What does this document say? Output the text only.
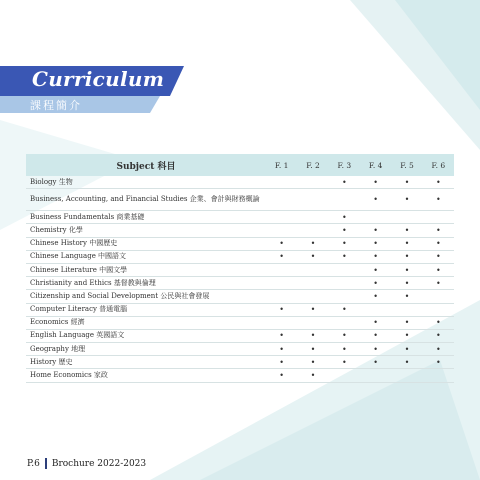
Curriculum
課程簡介
Subject 科目	F. 1	F. 2	F. 3	F. 4	F. 5	F. 6
Biology 生物			•	•	•	•
Business, Accounting, and Financial Studies 企業、會計與財務概論				•	•	•
Business Fundamentals 商業基礎			•			
Chemistry 化學			•	•	•	•
Chinese History 中國歷史	•	•	•	•	•	•
Chinese Language 中國語文	•	•	•	•	•	•
Chinese Literature 中國文學				•	•	•
Christianity and Ethics 基督教與倫理				•	•	•
Citizenship and Social Development 公民與社會發展				•	•	
Computer Literacy 普通電腦	•	•	•			
Economics 經濟				•	•	•
English Language 英國語文	•	•	•	•	•	•
Geography 地理	•	•	•	•	•	•
History 歷史	•	•	•	•	•	•
Home Economics 家政	•	•				
P.6 Brochure 2022-2023
